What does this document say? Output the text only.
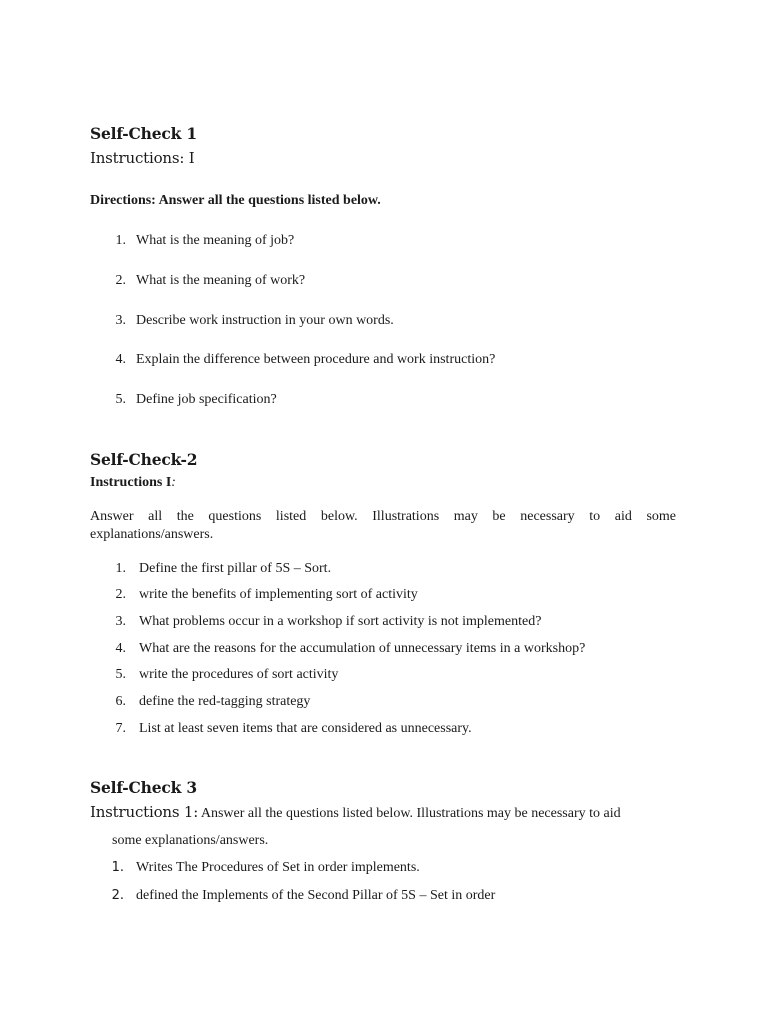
Self-Check 1
Instructions: I
Directions: Answer all the questions listed below.
1. What is the meaning of job?
2. What is the meaning of work?
3. Describe work instruction in your own words.
4. Explain the difference between procedure and work instruction?
5. Define job specification?
Self-Check-2
Instructions I:
Answer all the questions listed below. Illustrations may be necessary to aid some
explanations/answers.
1. Define the first pillar of 5S – Sort.
2. write the benefits of implementing sort of activity
3. What problems occur in a workshop if sort activity is not implemented?
4. What are the reasons for the accumulation of unnecessary items in a workshop?
5. write the procedures of sort activity
6. define the red-tagging strategy
7. List at least seven items that are considered as unnecessary.
Self-Check 3
Instructions 1: Answer all the questions listed below. Illustrations may be necessary to aid
some explanations/answers.
1. Writes The Procedures of Set in order implements.
2. defined the Implements of the Second Pillar of 5S – Set in order
